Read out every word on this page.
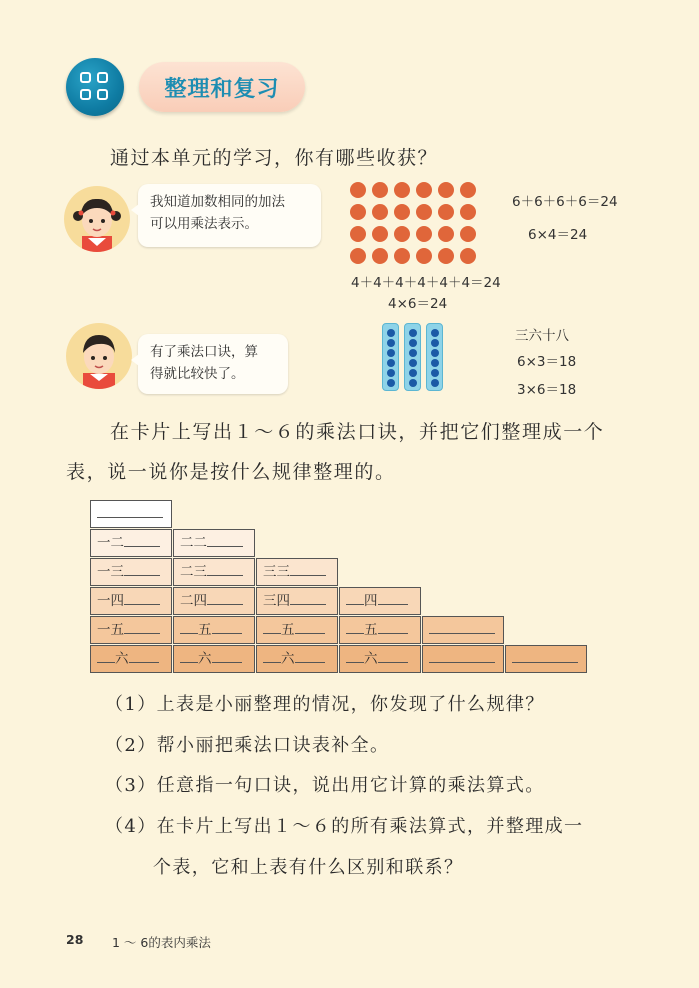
整理和复习
通过本单元的学习，你有哪些收获？
我知道加数相同的加法
可以用乘法表示。
6＋6＋6＋6＝24
6×4＝24
4＋4＋4＋4＋4＋4＝24
4×6＝24
有了乘法口诀，算
得就比较快了。
三六十八
6×3＝18
3×6＝18
在卡片上写出１～６的乘法口诀，并把它们整理成一个
表，说一说你是按什么规律整理的。
一二	二二
一三	二三	三三
一四	二四	三四	四
一五	五	五	五
六	六	六	六
（1）上表是小丽整理的情况，你发现了什么规律？
（2）帮小丽把乘法口诀表补全。
（3）任意指一句口诀，说出用它计算的乘法算式。
（4）在卡片上写出１～６的所有乘法算式，并整理成一
个表，它和上表有什么区别和联系？
28 1 ～ 6的表内乘法
